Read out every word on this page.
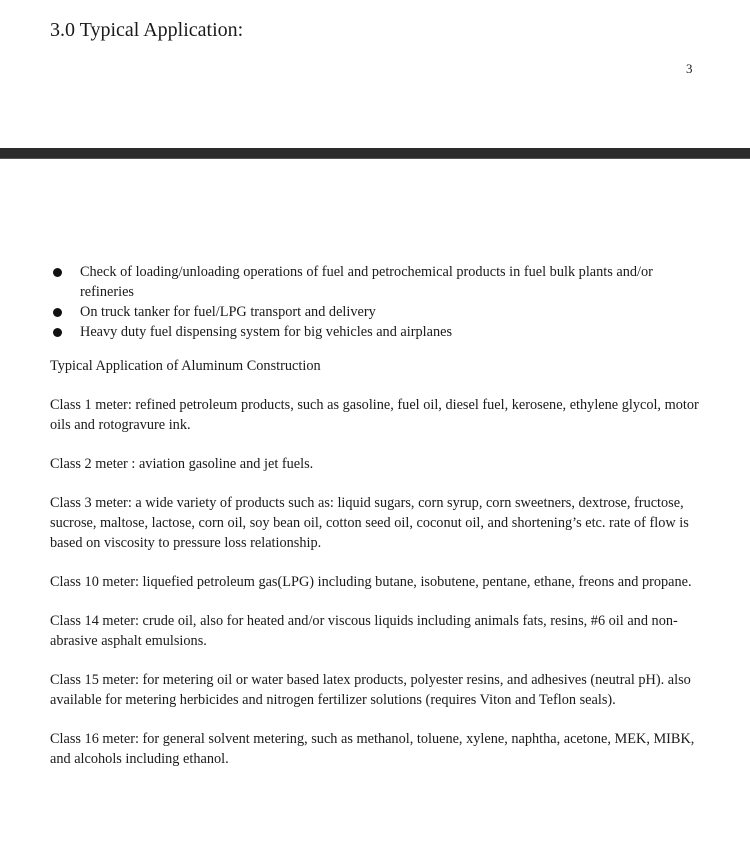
3.0 Typical Application:
3
Check of loading/unloading operations of fuel and petrochemical products in fuel bulk plants and/or refineries
On truck tanker for fuel/LPG transport and delivery
Heavy duty fuel dispensing system for big vehicles and airplanes

Typical Application of Aluminum Construction

Class 1 meter: refined petroleum products, such as gasoline, fuel oil, diesel fuel, kerosene, ethylene glycol, motor oils and rotogravure ink.

Class 2 meter : aviation gasoline and jet fuels.

Class 3 meter: a wide variety of products such as: liquid sugars, corn syrup, corn sweetners, dextrose, fructose, sucrose, maltose, lactose, corn oil, soy bean oil, cotton seed oil, coconut oil, and shortening’s etc. rate of flow is based on viscosity to pressure loss relationship.

Class 10 meter: liquefied petroleum gas(LPG) including butane, isobutene, pentane, ethane, freons and propane.

Class 14 meter: crude oil, also for heated and/or viscous liquids including animals fats, resins, #6 oil and non-abrasive asphalt emulsions.

Class 15 meter: for metering oil or water based latex products, polyester resins, and adhesives (neutral pH). also available for metering herbicides and nitrogen fertilizer solutions (requires Viton and Teflon seals).

Class 16 meter: for general solvent metering, such as methanol, toluene, xylene, naphtha, acetone, MEK, MIBK, and alcohols including ethanol.
